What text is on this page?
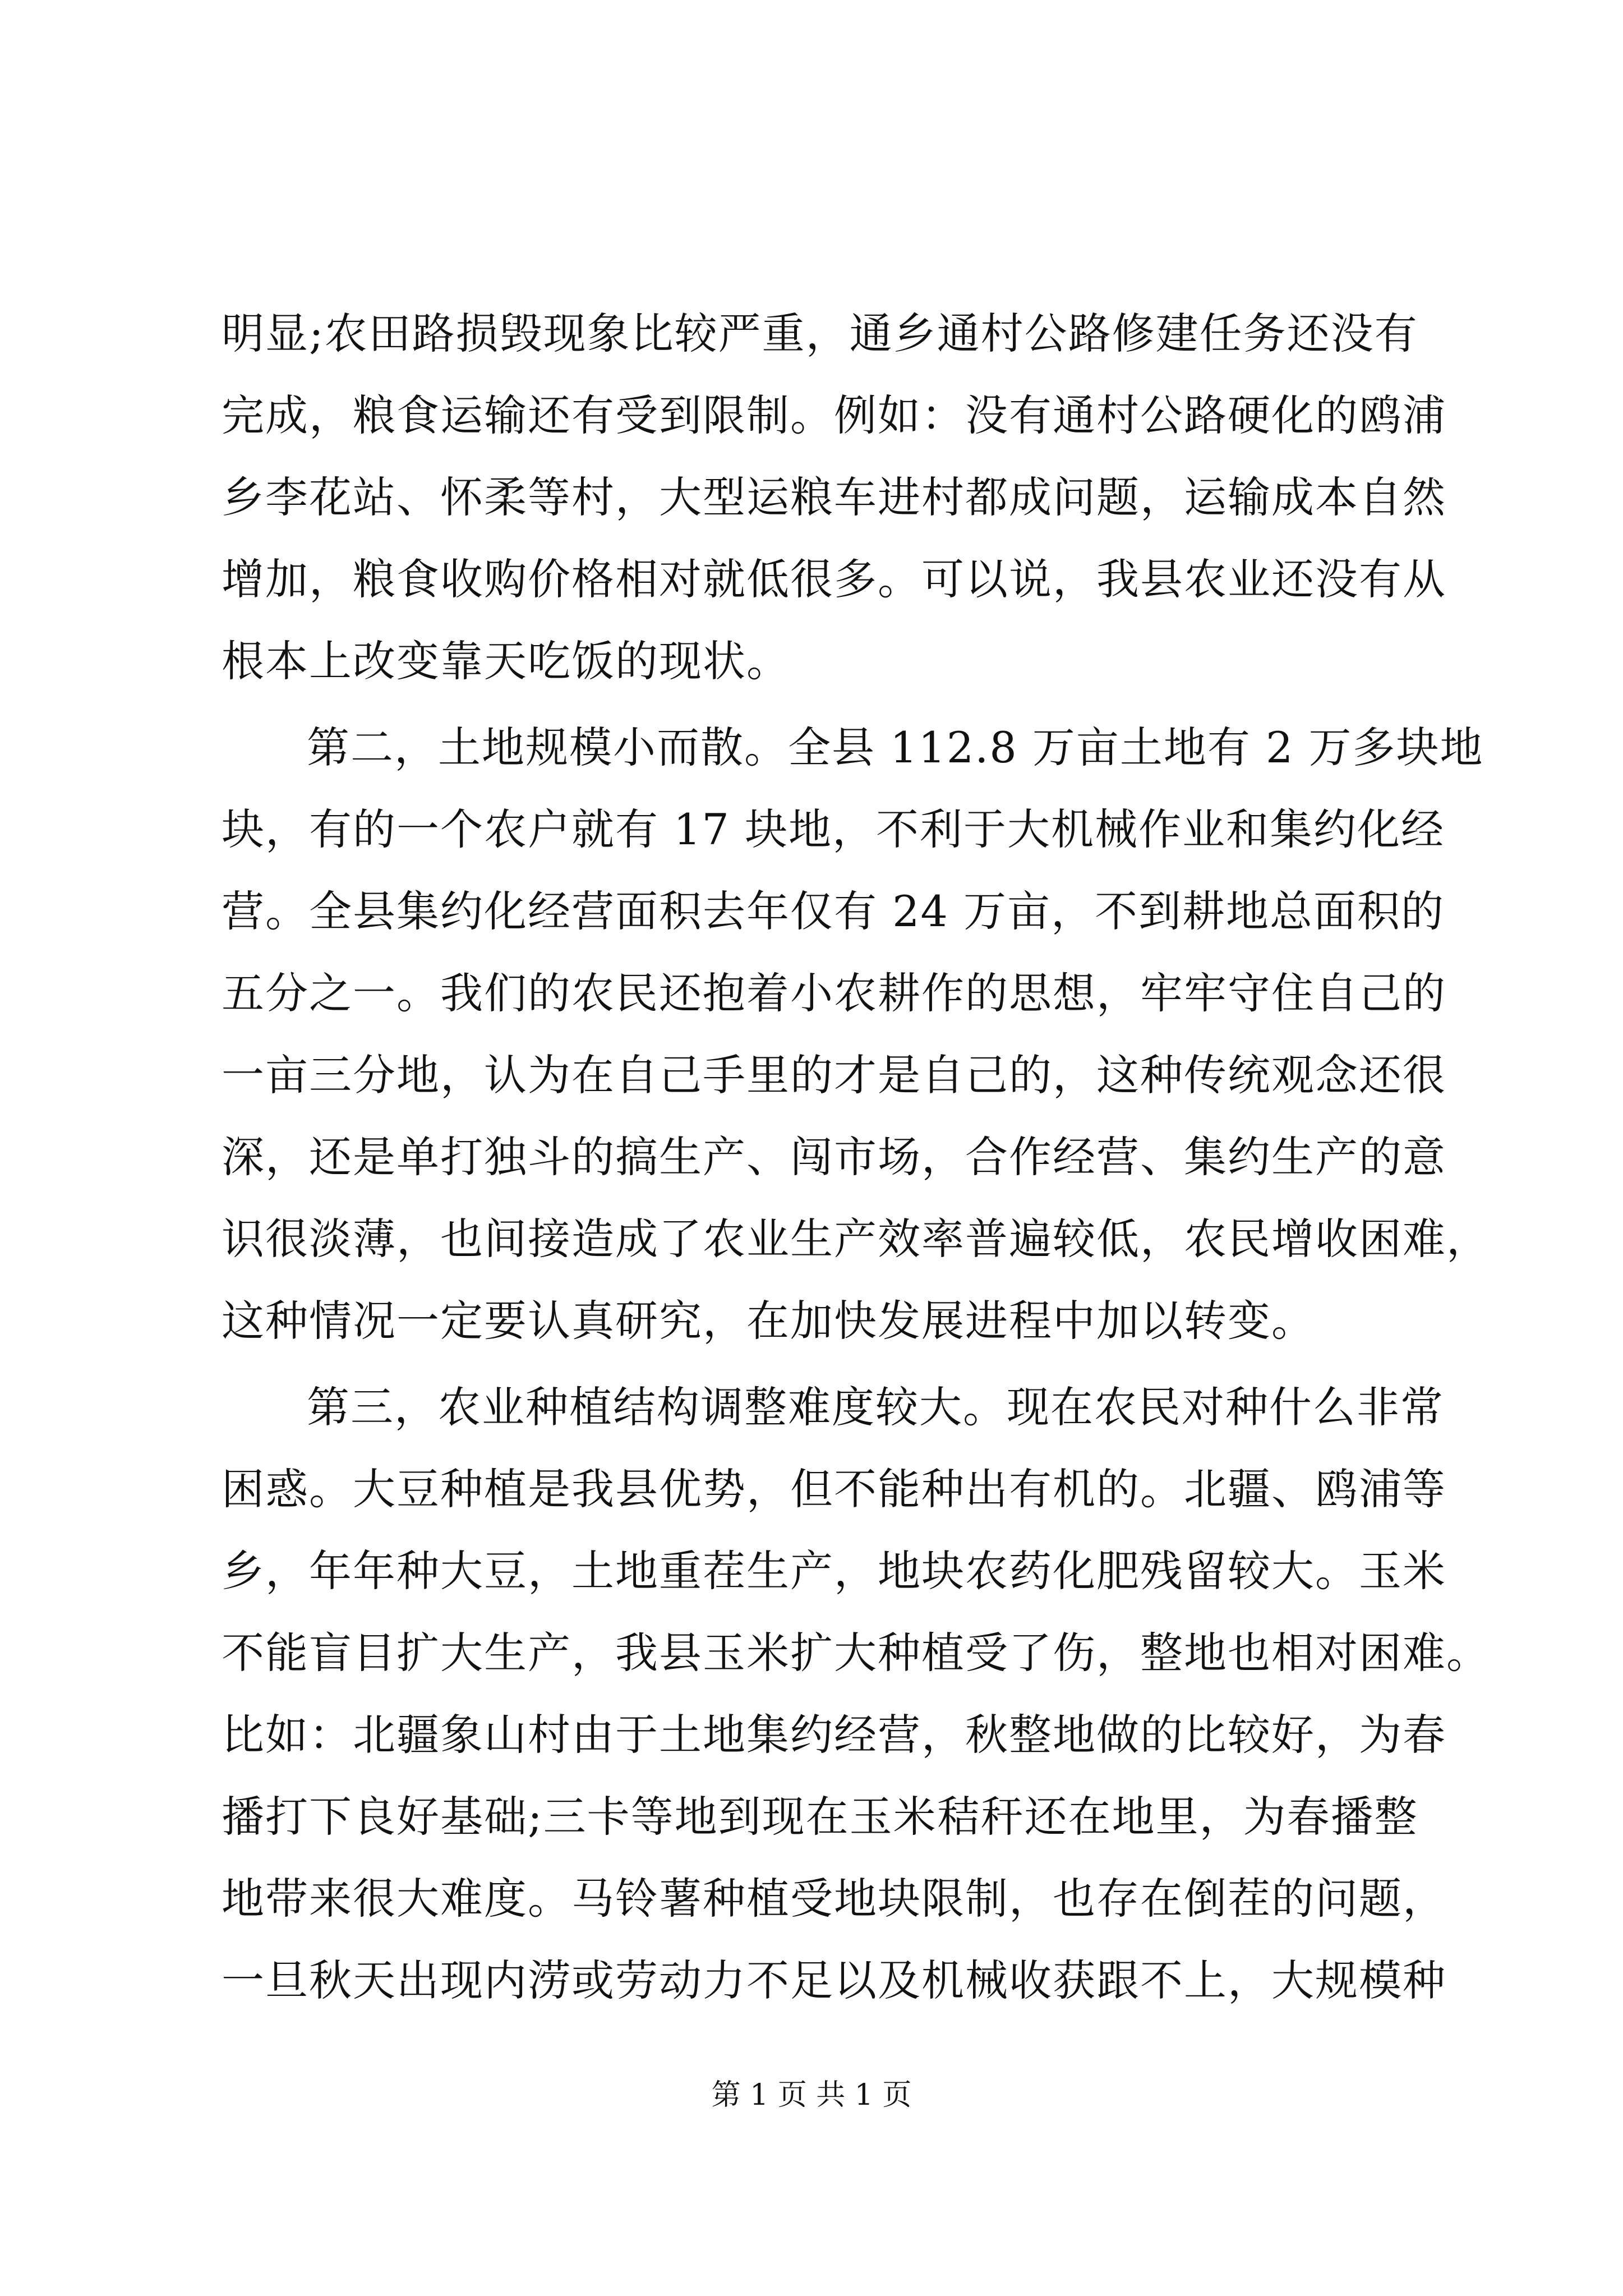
明显;农田路损毁现象比较严重，通乡通村公路修建任务还没有
完成，粮食运输还有受到限制。例如：没有通村公路硬化的鸥浦
乡李花站、怀柔等村，大型运粮车进村都成问题，运输成本自然
增加，粮食收购价格相对就低很多。可以说，我县农业还没有从
根本上改变靠天吃饭的现状。
第二，土地规模小而散。全县 112.8 万亩土地有 2 万多块地
块，有的一个农户就有 17 块地，不利于大机械作业和集约化经
营。全县集约化经营面积去年仅有 24 万亩，不到耕地总面积的
五分之一。我们的农民还抱着小农耕作的思想，牢牢守住自己的
一亩三分地，认为在自己手里的才是自己的，这种传统观念还很
深，还是单打独斗的搞生产、闯市场，合作经营、集约生产的意
识很淡薄，也间接造成了农业生产效率普遍较低，农民增收困难，
这种情况一定要认真研究，在加快发展进程中加以转变。
第三，农业种植结构调整难度较大。现在农民对种什么非常
困惑。大豆种植是我县优势，但不能种出有机的。北疆、鸥浦等
乡，年年种大豆，土地重茬生产，地块农药化肥残留较大。玉米
不能盲目扩大生产，我县玉米扩大种植受了伤，整地也相对困难。
比如：北疆象山村由于土地集约经营，秋整地做的比较好，为春
播打下良好基础;三卡等地到现在玉米秸秆还在地里，为春播整
地带来很大难度。马铃薯种植受地块限制，也存在倒茬的问题，
一旦秋天出现内涝或劳动力不足以及机械收获跟不上，大规模种
第 1 页 共 1 页
